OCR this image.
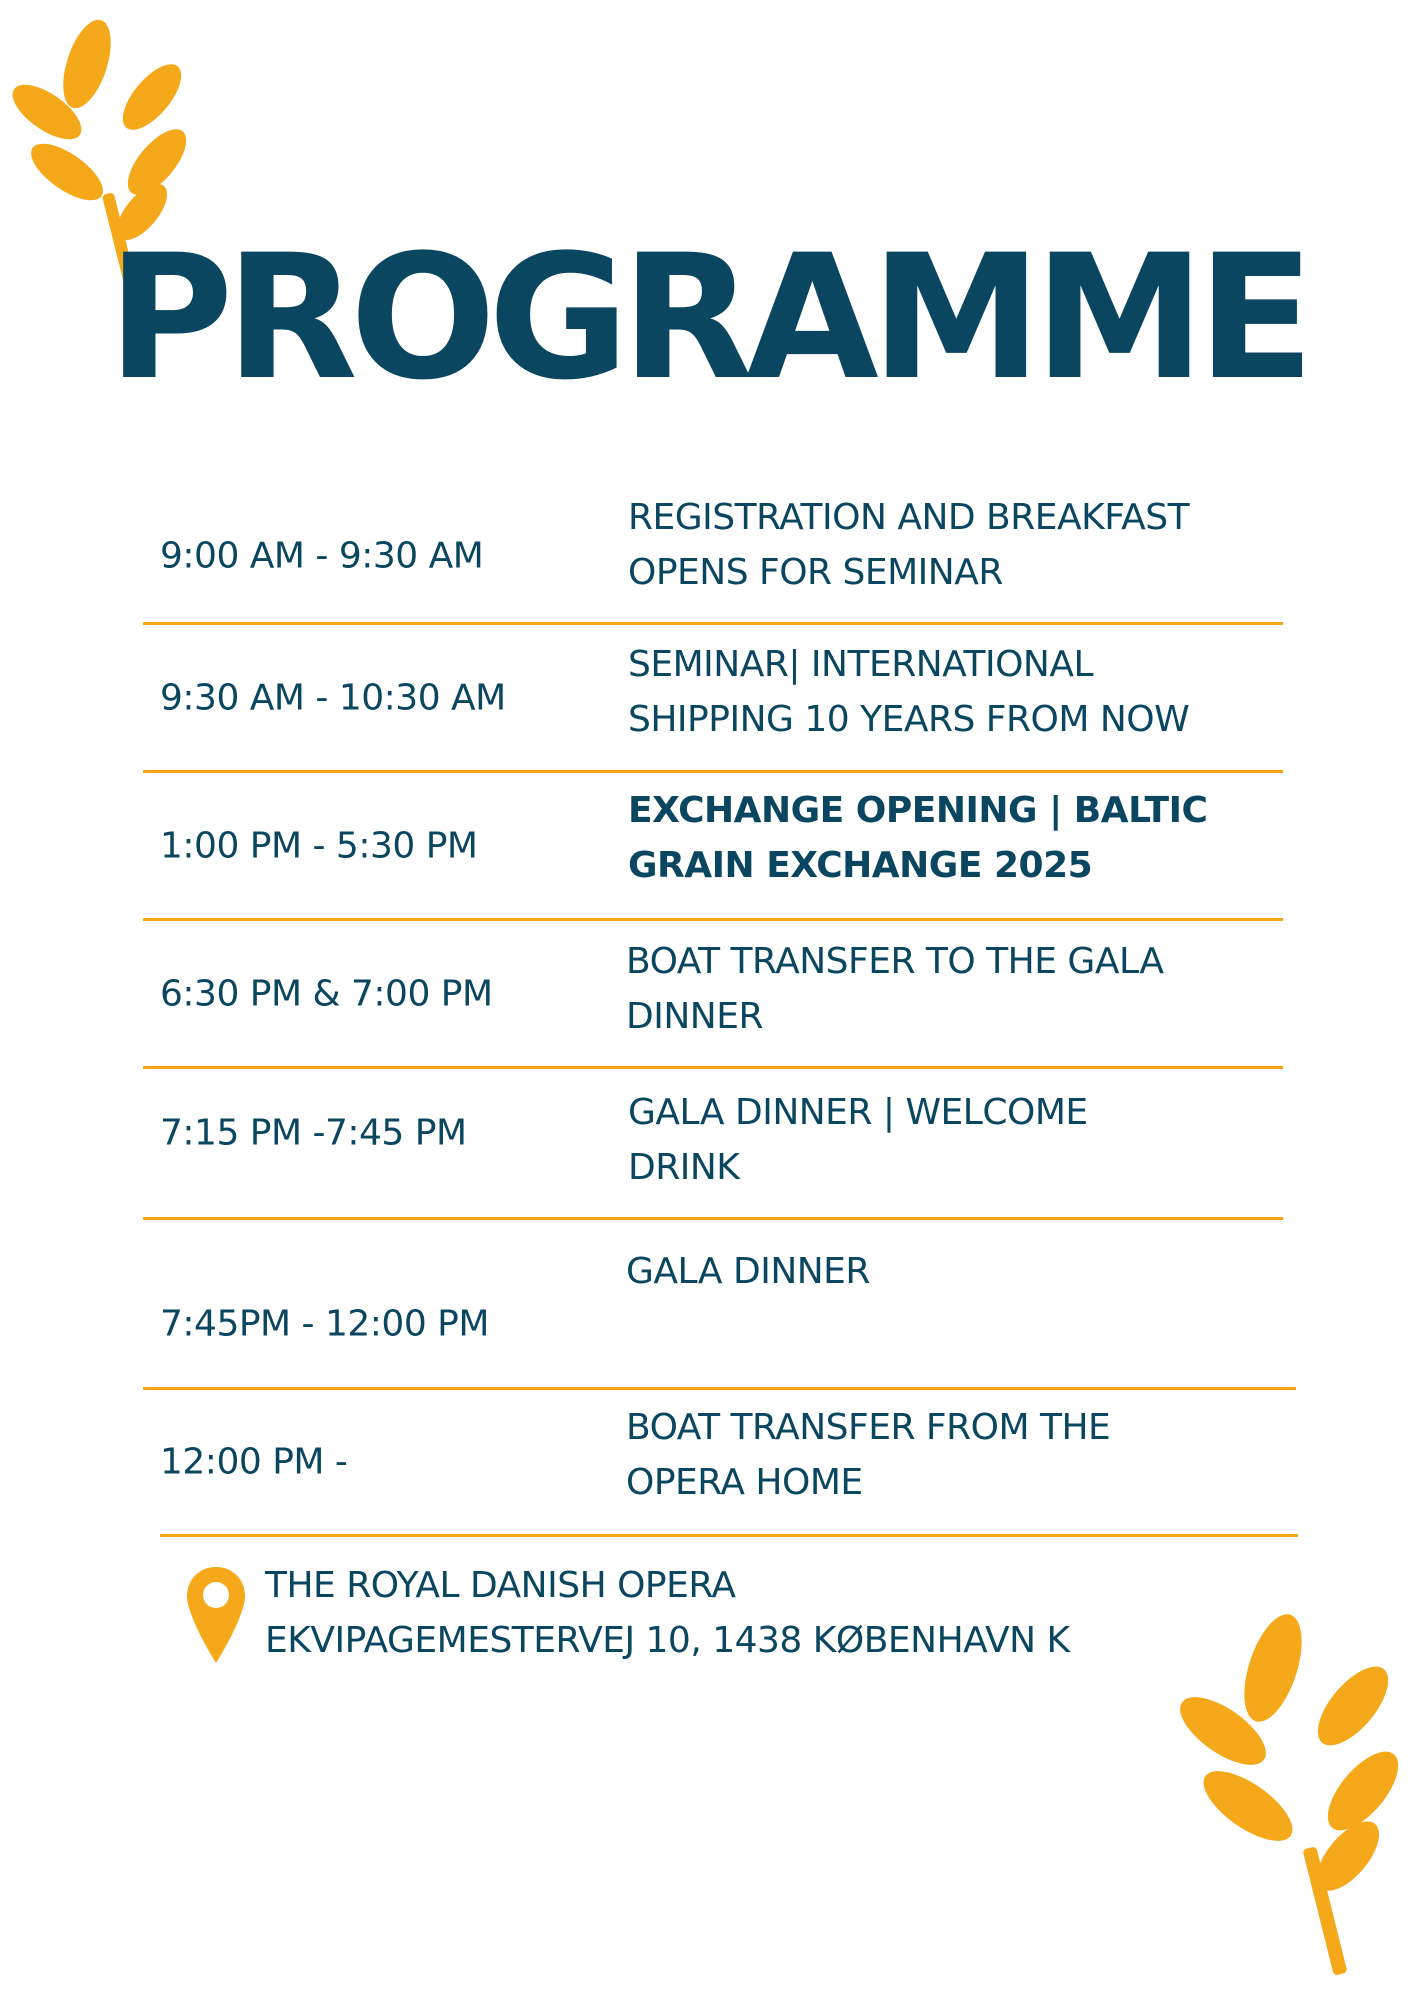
PROGRAMME
9:00 AM - 9:30 AM
REGISTRATION AND BREAKFAST
OPENS FOR SEMINAR
9:30 AM - 10:30 AM
SEMINAR| INTERNATIONAL
SHIPPING 10 YEARS FROM NOW
1:00 PM - 5:30 PM
EXCHANGE OPENING | BALTIC
GRAIN EXCHANGE 2025
6:30 PM & 7:00 PM
BOAT TRANSFER TO THE GALA
DINNER
7:15 PM -7:45 PM	GALA DINNER | WELCOME
DRINK
7:45PM - 12:00 PM
GALA DINNER
12:00 PM -
BOAT TRANSFER FROM THE
OPERA HOME
THE ROYAL DANISH OPERA
EKVIPAGEMESTERVEJ 10, 1438 KØBENHAVN K
